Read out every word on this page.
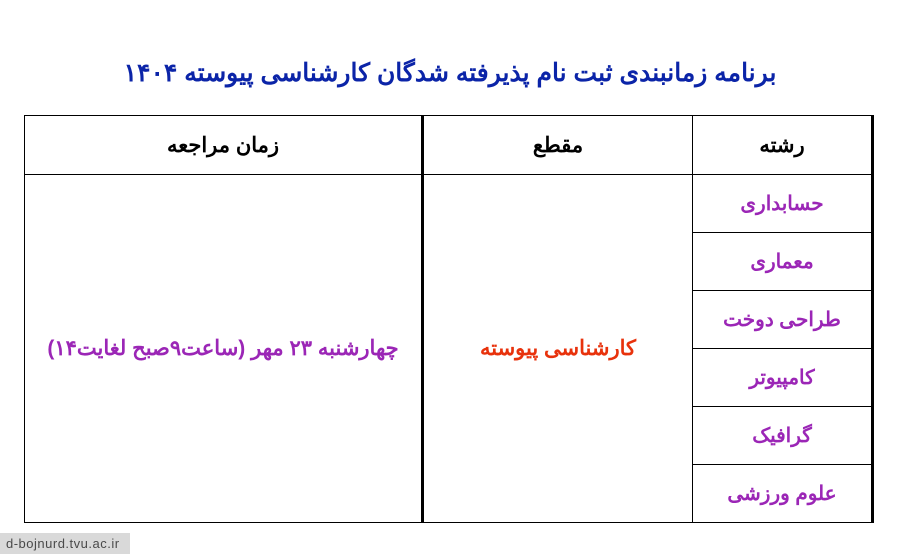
برنامه زمانبندی ثبت نام پذیرفته شدگان کارشناسی پیوسته ۱۴۰۴
رشته	مقطع	زمان مراجعه
حسابداری	کارشناسی پیوسته	چهارشنبه ۲۳ مهر (ساعت۹صبح لغایت۱۴)
معماری		
طراحی دوخت		
کامپیوتر		
گرافیک		
علوم ورزشی		
d-bojnurd.tvu.ac.ir
